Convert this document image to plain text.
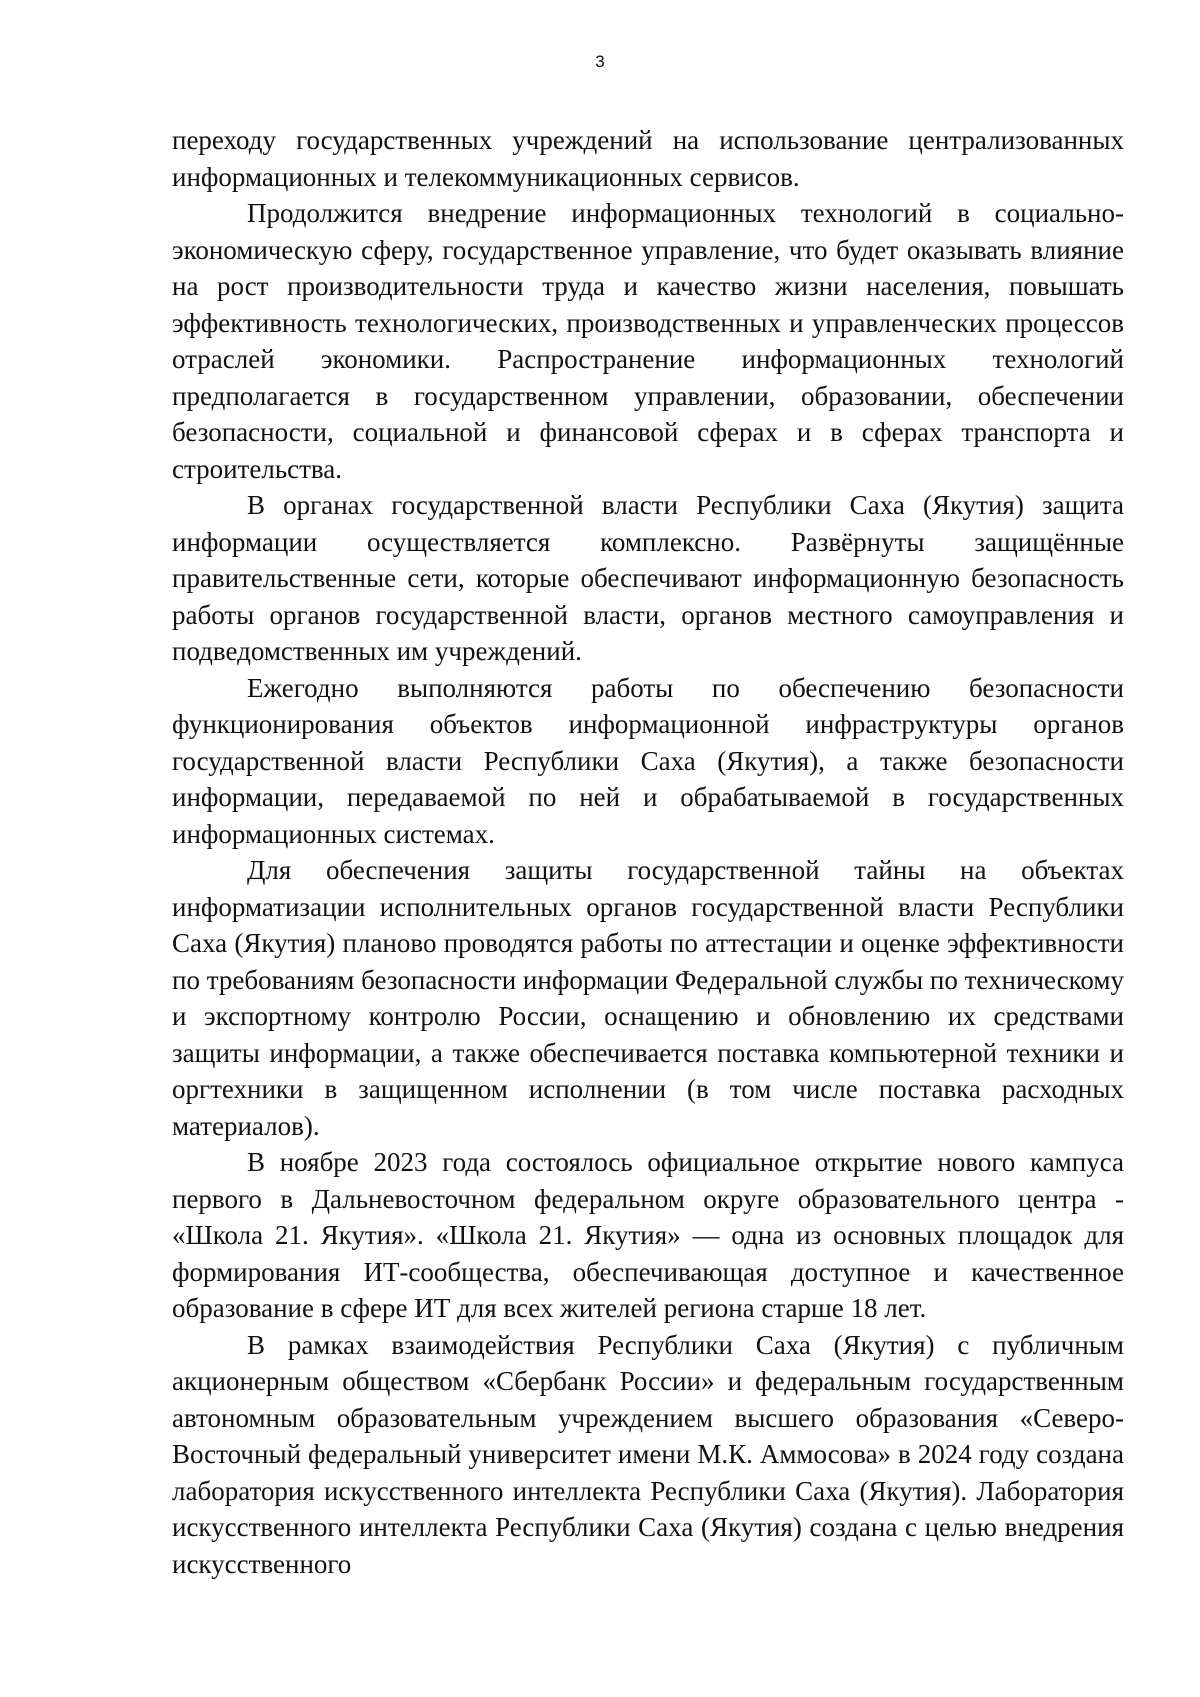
3

переходу государственных учреждений на использование централизованных информационных и телекоммуникационных сервисов.

Продолжится внедрение информационных технологий в социально-экономическую сферу, государственное управление, что будет оказывать влияние на рост производительности труда и качество жизни населения, повышать эффективность технологических, производственных и управленческих процессов отраслей экономики. Распространение информационных технологий предполагается в государственном управлении, образовании, обеспечении безопасности, социальной и финансовой сферах и в сферах транспорта и строительства.

В органах государственной власти Республики Саха (Якутия) защита информации осуществляется комплексно. Развёрнуты защищённые правительственные сети, которые обеспечивают информационную безопасность работы органов государственной власти, органов местного самоуправления и подведомственных им учреждений.

Ежегодно выполняются работы по обеспечению безопасности функционирования объектов информационной инфраструктуры органов государственной власти Республики Саха (Якутия), а также безопасности информации, передаваемой по ней и обрабатываемой в государственных информационных системах.

Для обеспечения защиты государственной тайны на объектах информатизации исполнительных органов государственной власти Республики Саха (Якутия) планово проводятся работы по аттестации и оценке эффективности по требованиям безопасности информации Федеральной службы по техническому и экспортному контролю России, оснащению и обновлению их средствами защиты информации, а также обеспечивается поставка компьютерной техники и оргтехники в защищенном исполнении (в том числе поставка расходных материалов).

В ноябре 2023 года состоялось официальное открытие нового кампуса первого в Дальневосточном федеральном округе образовательного центра - «Школа 21. Якутия». «Школа 21. Якутия» — одна из основных площадок для формирования ИТ-сообщества, обеспечивающая доступное и качественное образование в сфере ИТ для всех жителей региона старше 18 лет.

В рамках взаимодействия Республики Саха (Якутия) с публичным акционерным обществом «Сбербанк России» и федеральным государственным автономным образовательным учреждением высшего образования «Северо-Восточный федеральный университет имени М.К. Аммосова» в 2024 году создана лаборатория искусственного интеллекта Республики Саха (Якутия). Лаборатория искусственного интеллекта Республики Саха (Якутия) создана с целью внедрения искусственного
